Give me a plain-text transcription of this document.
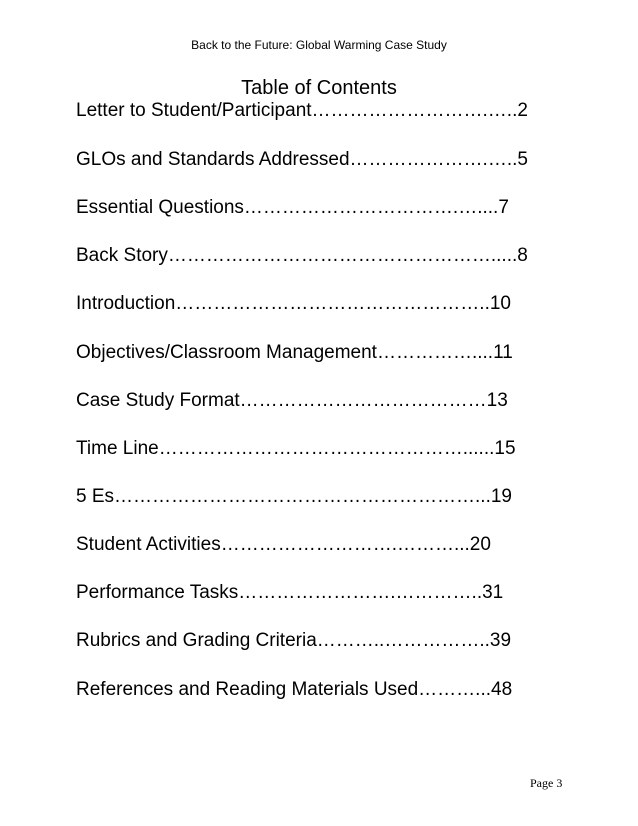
Back to the Future: Global Warming Case Study
Table of Contents
Letter to Student/Participant……………………….…..2
GLOs and Standards Addressed………………….…..5
Essential Questions…………………………….…....7
Back Story…………………………………………….....8
Introduction…………………………………………..10
Objectives/Classroom Management……………....11
Case Study Format…………………………………13
Time Line…………………………………………......15
5 Es…………………………………………………...19
Student Activities……………………….………...20
Performance Tasks…………………….…………..31
Rubrics and Grading Criteria………..……………..39
References and Reading Materials Used………...48
Page 3
